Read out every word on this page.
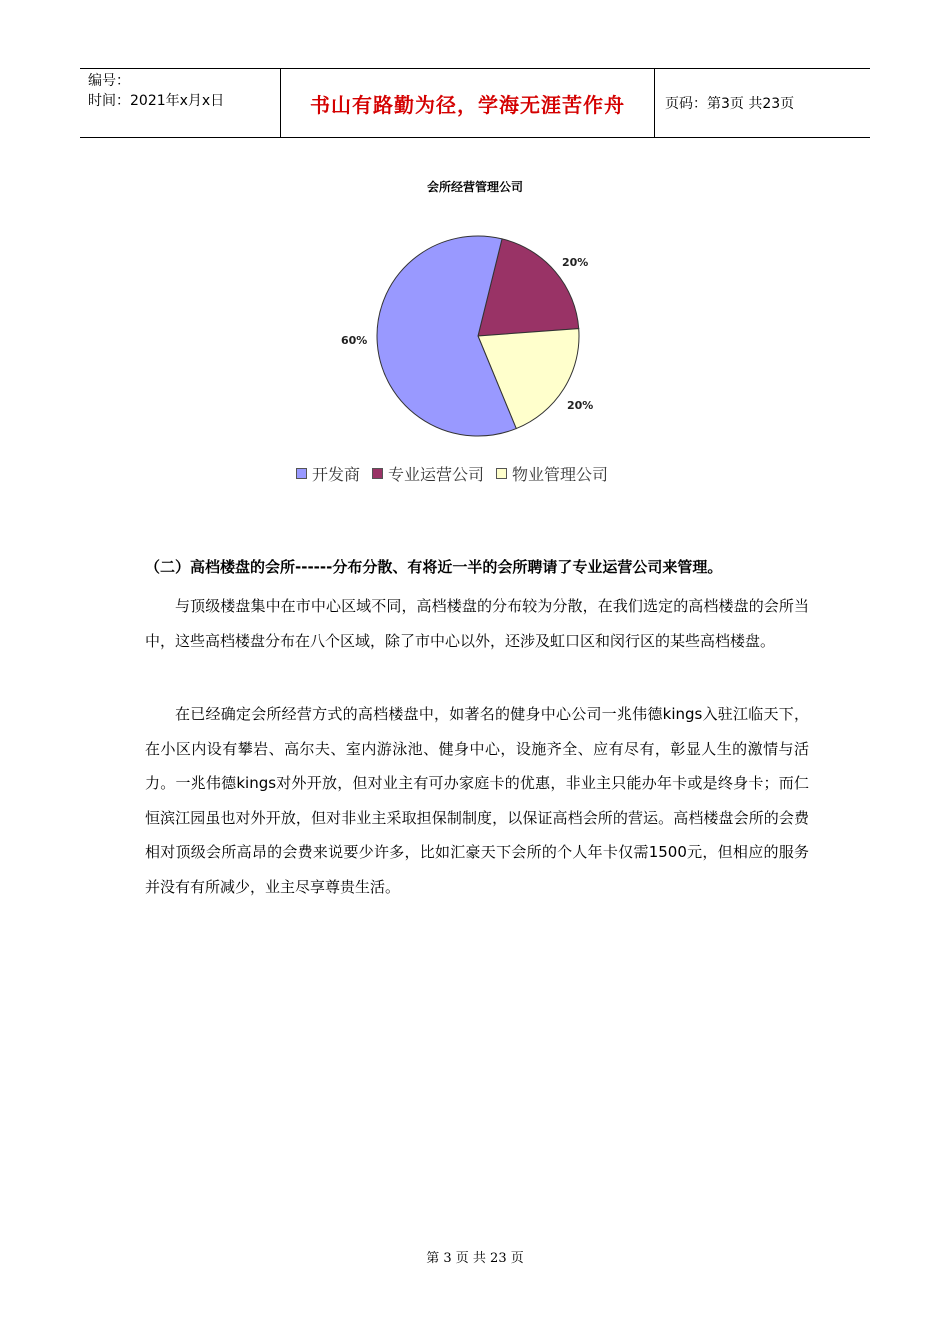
编号：
时间：2021年x月x日	书山有路勤为径，学海无涯苦作舟	页码：第3页 共23页
会所经营管理公司
60%
20%
20%
开发商 专业运营公司 物业管理公司
（二）高档楼盘的会所------分布分散、有将近一半的会所聘请了专业运营公司来管理。
与顶级楼盘集中在市中心区域不同，高档楼盘的分布较为分散，在我们选定的高档楼盘的会所当中，这些高档楼盘分布在八个区域，除了市中心以外，还涉及虹口区和闵行区的某些高档楼盘。
在已经确定会所经营方式的高档楼盘中，如著名的健身中心公司一兆伟德kings入驻江临天下，在小区内设有攀岩、高尔夫、室内游泳池、健身中心，设施齐全、应有尽有，彰显人生的激情与活力。一兆伟德kings对外开放，但对业主有可办家庭卡的优惠，非业主只能办年卡或是终身卡；而仁恒滨江园虽也对外开放，但对非业主采取担保制制度，以保证高档会所的营运。高档楼盘会所的会费相对顶级会所高昂的会费来说要少许多，比如汇豪天下会所的个人年卡仅需1500元，但相应的服务并没有有所减少，业主尽享尊贵生活。
第 3 页 共 23 页
